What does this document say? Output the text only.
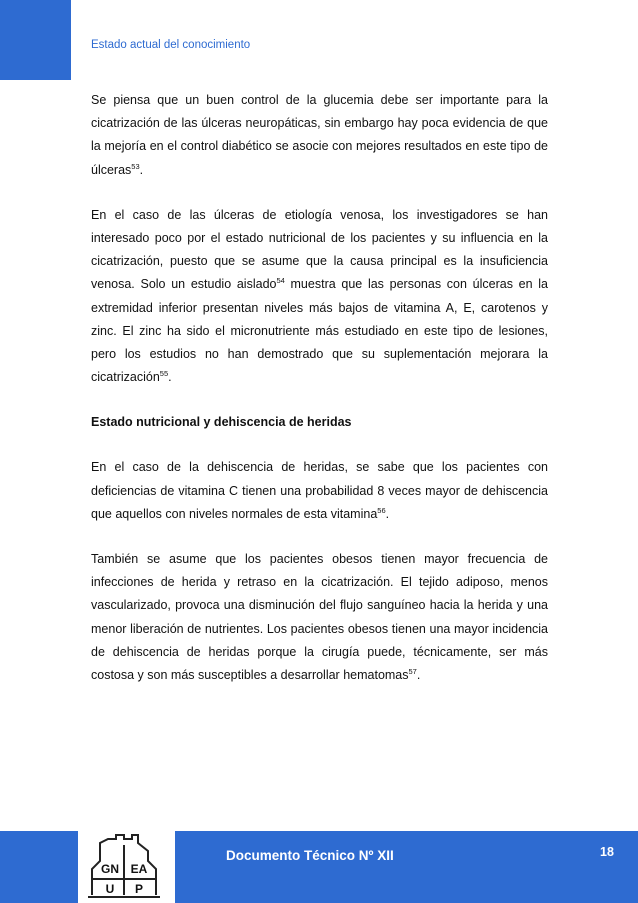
Estado actual del conocimiento

Se piensa que un buen control de la glucemia debe ser importante para la cicatrización de las úlceras neuropáticas, sin embargo hay poca evidencia de que la mejoría en el control diabético se asocie con mejores resultados en este tipo de úlceras$^{53}$.

En el caso de las úlceras de etiología venosa, los investigadores se han interesado poco por el estado nutricional de los pacientes y su influencia en la cicatrización, puesto que se asume que la causa principal es la insuficiencia venosa. Solo un estudio aislado$^{54}$ muestra que las personas con úlceras en la extremidad inferior presentan niveles más bajos de vitamina A, E, carotenos y zinc. El zinc ha sido el micronutriente más estudiado en este tipo de lesiones, pero los estudios no han demostrado que su suplementación mejorara la cicatrización$^{55}$.

Estado nutricional y dehiscencia de heridas

En el caso de la dehiscencia de heridas, se sabe que los pacientes con deficiencias de vitamina C tienen una probabilidad 8 veces mayor de dehiscencia que aquellos con niveles normales de esta vitamina$^{56}$.

También se asume que los pacientes obesos tienen mayor frecuencia de infecciones de herida y retraso en la cicatrización. El tejido adiposo, menos vascularizado, provoca una disminución del flujo sanguíneo hacia la herida y una menor liberación de nutrientes. Los pacientes obesos tienen una mayor incidencia de dehiscencia de heridas porque la cirugía puede, técnicamente, ser más costosa y son más susceptibles a desarrollar hematomas$^{57}$.

GN EA
U P
Documento Técnico Nº XII	18
